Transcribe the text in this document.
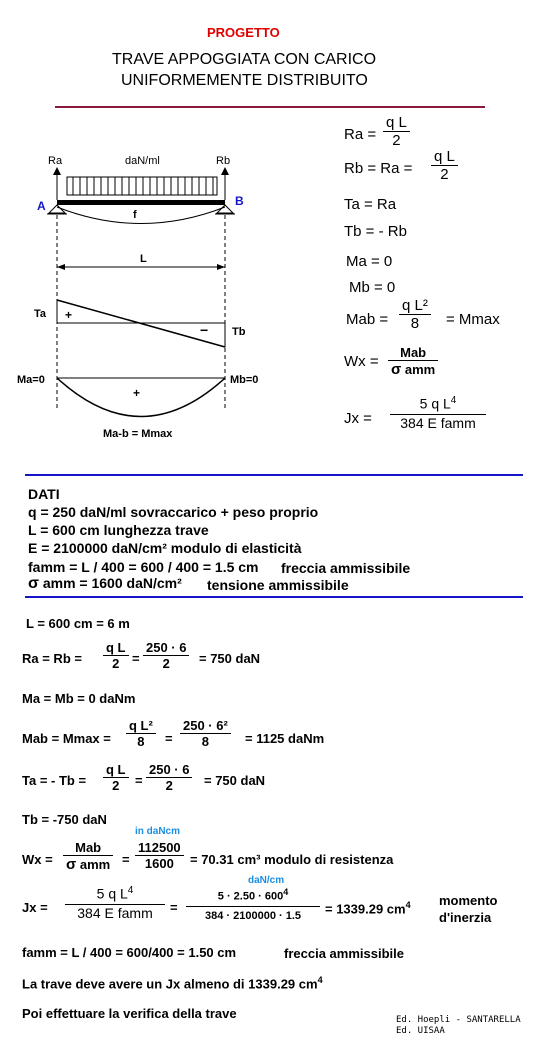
PROGETTO
TRAVE APPOGGIATA CON CARICO
UNIFORMEMENTE DISTRIBUITO
Ra	daN/ml	Rb
A	B
f
L
Ta +
− Tb
Ma=0	Mb=0
+
Ma-b = Mmax
$Ra = \frac{\text{q L}}{2}$
$Rb = Ra = \frac{\text{q L}}{2}$
Ta = Ra
Tb = - Rb
Ma = 0
Mb = 0
Mab = $\frac{\text{q L²}}{8} = Mmax$
Wx =
Mab
σ amm
Jx =
5 q $L^4$
384 E famm
DATI
q = 250 daN/ml sovraccarico + peso proprio
L = 600 cm lunghezza trave
E = 2100000 daN/cm² modulo di elasticità
famm = L / 400 = 600 / 400 = 1.5 cm freccia ammissibile
σ amm = 1600 daN/cm² tensione ammissibile
L = 600 cm = 6 m
$Ra = Rb = \frac{\text{q L}}{2} = \frac{250 \cdot 6}{2} = 750$ daN
Ma = Mb = 0 daNm
Mab = $Mmax = \frac{\text{q L²}}{8} = \frac{\text{250 · 6²}}{8} = 1125$ daNm
Ta = - $Tb = \frac{\text{q L}}{2} = \frac{250 \cdot 6}{2} = 750$ daN
Tb = -750 daN
in daNcm
Wx =
Mab
σ amm = $\frac{112500}{1600} = 70.31$ cm³ modulo di resistenza
daN/cm
Jx =
5 q $L^4$
384 E famm	= $\frac{5 \cdot 2.50 \cdot 600^4}{384 \cdot 2100000 \cdot 1.5} = 1339.29$ $cm^4$ momento
d'inerzia
famm = L / 400 = 600/400 = 1.50 cm	freccia ammissibile
La trave deve avere un Jx almeno di 1339.29 $cm^4$
Poi effettuare la verifica della trave	Ed. Hoepli - SANTARELLA
Ed. UISAA
